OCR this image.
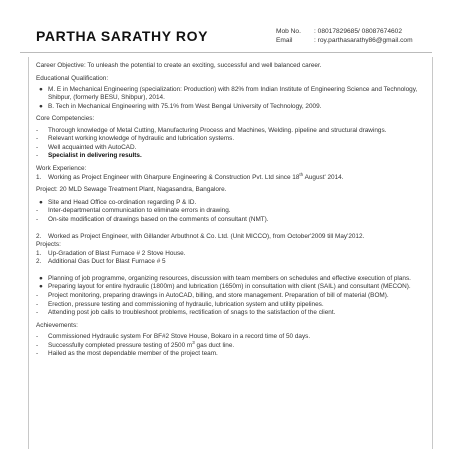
PARTHA SARATHY ROY	Mob No. : 08017829685/ 08087674602
Email	: roy.parthasarathy86@gmail.com

Career Objective: To unleash the potential to create an exciting, successful and well balanced career.

Educational Qualification:

● M. E in Mechanical Engineering (specialization: Production) with 82% from Indian Institute of Engineering Science and Technology, Shibpur, (formerly BESU, Shibpur), 2014.

● B. Tech in Mechanical Engineering with 75.1% from West Bengal University of Technology, 2009.

Core Competencies:

- Thorough knowledge of Metal Cutting, Manufacturing Process and Machines, Welding. pipeline and structural drawings.

- Relevant working knowledge of hydraulic and lubrication systems.

- Well acquainted with AutoCAD.

- Specialist in delivering results.

Work Experience:

1. Working as Project Engineer with Gharpure Engineering & Construction Pvt. Ltd since 18th August' 2014.

Project: 20 MLD Sewage Treatment Plant, Nagasandra, Bangalore.

● Site and Head Office co-ordination regarding P & ID.

- Inter-departmental communication to eliminate errors in drawing.

- On-site modification of drawings based on the comments of consultant (NMT).

2. Worked as Project Engineer, with Gillander Arbuthnot & Co. Ltd. (Unit MICCO), from October'2009 till May'2012.

Projects:

1. Up-Gradation of Blast Furnace # 2 Stove House.

2. Additional Gas Duct for Blast Furnace # 5

● Planning of job programme, organizing resources, discussion with team members on schedules and effective execution of plans.

● Preparing layout for entire hydraulic (1800m) and lubrication (1650m) in consultation with client (SAIL) and consultant (MECON).

- Project monitoring, preparing drawings in AutoCAD, billing, and store management. Preparation of bill of material (BOM).

- Erection, pressure testing and commissioning of hydraulic, lubrication system and utility pipelines.

- Attending post job calls to troubleshoot problems, rectification of snags to the satisfaction of the client.

Achievements:

- Commissioned Hydraulic system For BF#2 Stove House, Bokaro in a record time of 50 days.

- Successfully completed pressure testing of 2500 $m^3$ gas duct line.

- Hailed as the most dependable member of the project team.
